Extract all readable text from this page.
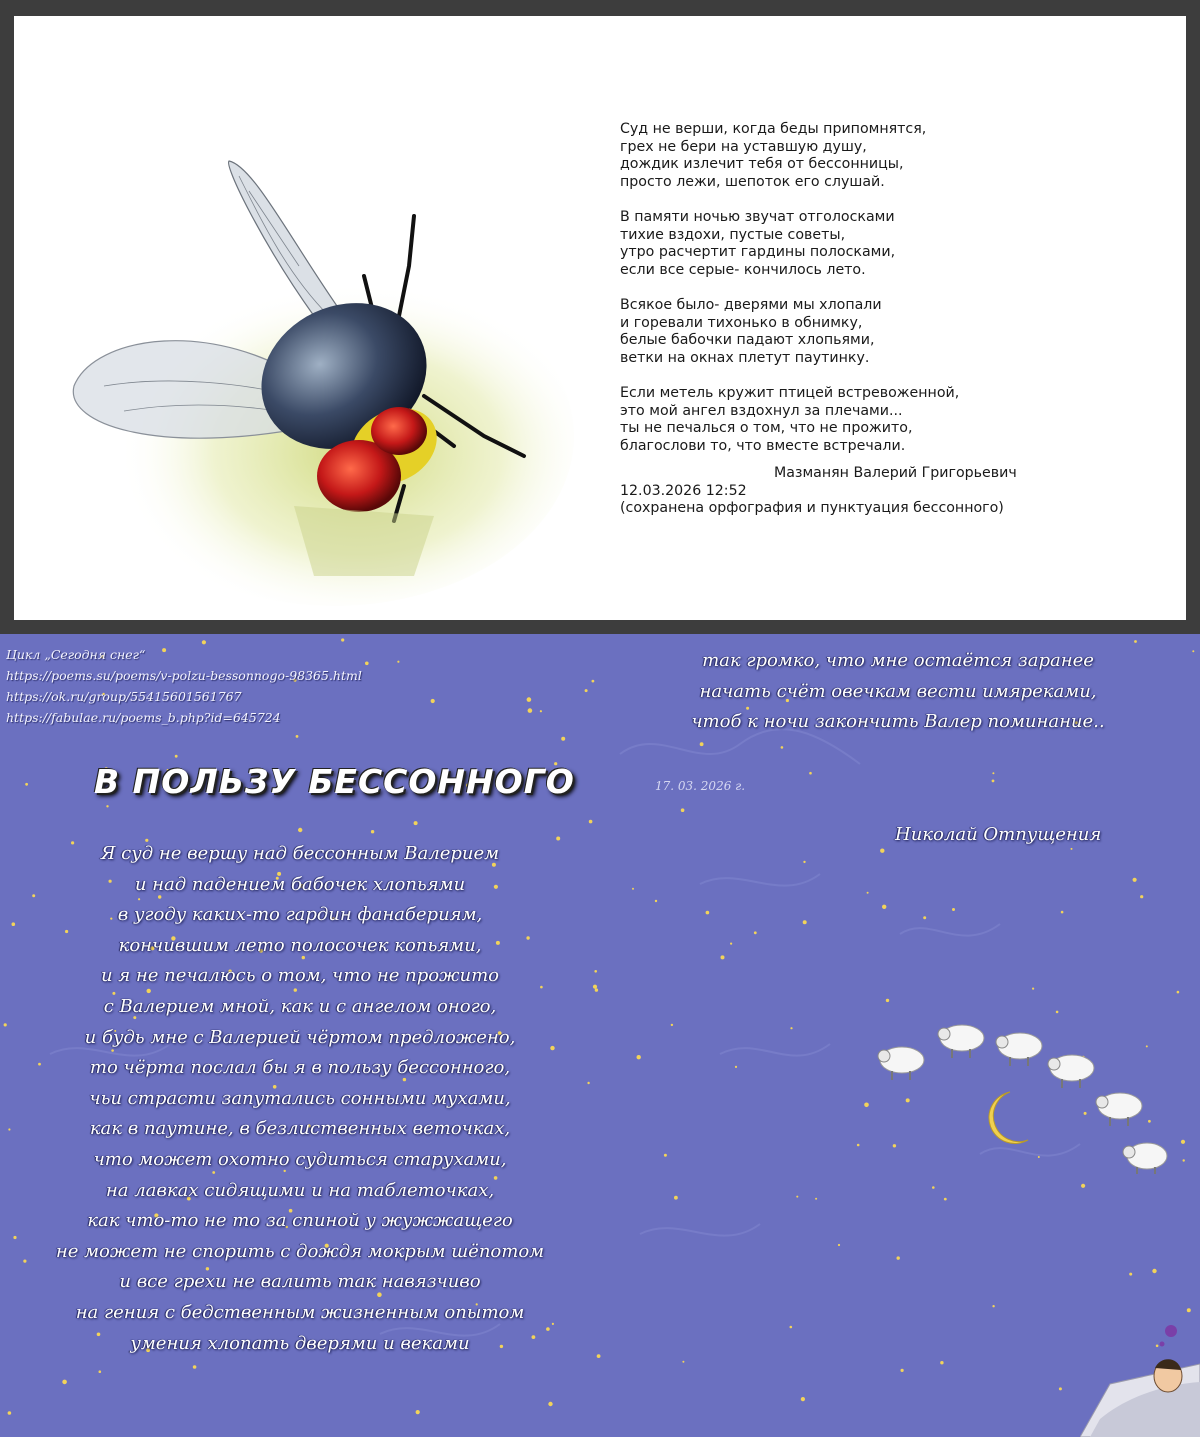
Суд не верши, когда беды припомнятся,
грех не бери на уставшую душу,
дождик излечит тебя от бессонницы,
просто лежи, шепоток его слушай.
В памяти ночью звучат отголосками
тихие вздохи, пустые советы,
утро расчертит гардины полосками,
если все серые- кончилось лето.
Всякое было- дверями мы хлопали
и горевали тихонько в обнимку,
белые бабочки падают хлопьями,
ветки на окнах плетут паутинку.
Если метель кружит птицей встревоженной,
это мой ангел вздохнул за плечами...
ты не печалься о том, что не прожито,
благослови то, что вместе встречали.
Мазманян Валерий Григорьевич
12.03.2026 12:52
(сохранена орфография и пунктуация бессонного)
Цикл „Сегодня снег“
https://poems.su/poems/v-polzu-bessonnogo-98365.html
https://ok.ru/group/55415601561767
https://fabulae.ru/poems_b.php?id=645724
В ПОЛЬЗУ БЕССОННОГО
Я суд не вершу над бессонным Валерием
и над падением бабочек хлопьями
в угоду каких-то гардин фанабериям,
кончившим лето полосочек копьями,
и я не печалюсь о том, что не прожито
с Валерием мной, как и с ангелом оного,
и будь мне с Валерией чёртом предложено,
то чёрта послал бы я в пользу бессонного,
чьи страсти запутались сонными мухами,
как в паутине, в безлиственных веточках,
что может охотно судиться старухами,
на лавках сидящими и на таблеточках,
как что-то не то за спиной у жужжащего
не может не спорить с дождя мокрым шёпотом
и все грехи не валить так навязчиво
на гения с бедственным жизненным опытом
умения хлопать дверями и веками
так громко, что мне остаётся заранее
начать счёт овечкам вести имяреками,
чтоб к ночи закончить Валер поминание..
17. 03. 2026 г.
Николай Отпущения
